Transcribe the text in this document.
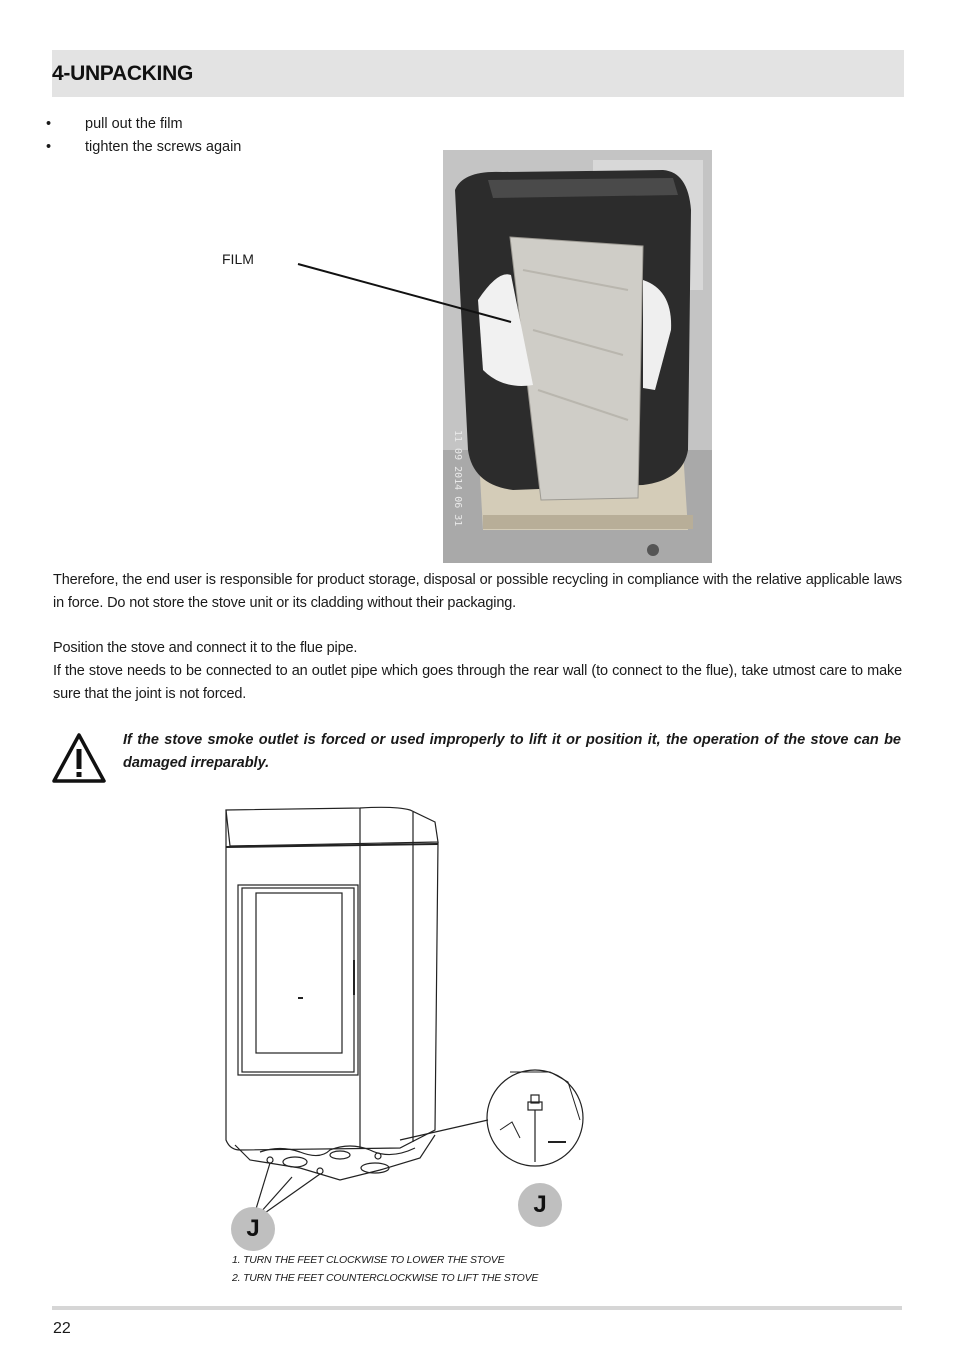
4-UNPACKING
• pull out the film
• tighten the screws again
11 09 2014 06 31
FILM
Therefore, the end user is responsible for product storage, disposal or possible recycling in compliance with the relative applicable laws in force. Do not store the stove unit or its cladding without their packaging.
Position the stove and connect it to the flue pipe.
If the stove needs to be connected to an outlet pipe which goes through the rear wall (to connect to the flue), take utmost care to make sure that the joint is not forced.
If the stove smoke outlet is forced or used improperly to lift it or position it, the operation of the stove can be damaged irreparably.
J
J
1. TURN THE FEET CLOCKWISE TO LOWER THE STOVE
2. TURN THE FEET COUNTERCLOCKWISE TO LIFT THE STOVE
22
